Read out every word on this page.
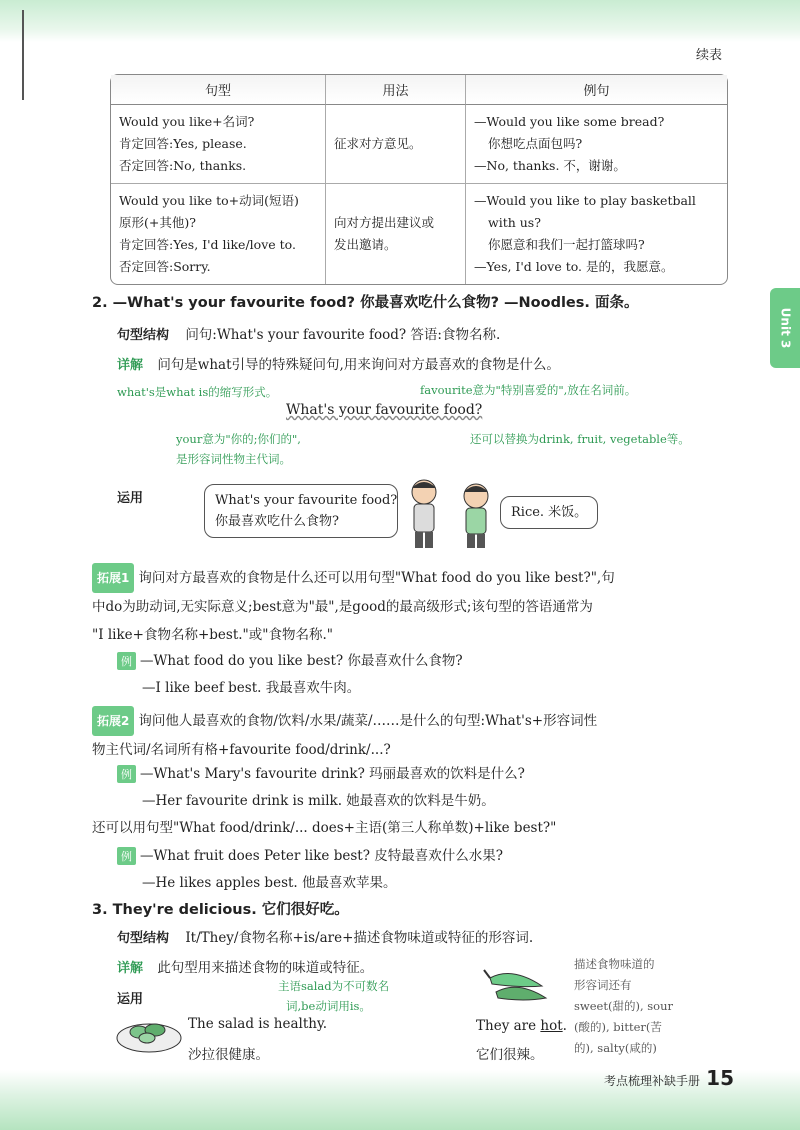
Unit 3
续表
句型	用法	例句

Would you like+名词?
肯定回答:Yes, please.
否定回答:No, thanks.	征求对方意见。	—Would you like some bread?
你想吃点面包吗?
—No, thanks. 不，谢谢。

Would you like to+动词(短语)
原形(+其他)?
肯定回答:Yes, I'd like/love to.
否定回答:Sorry.	向对方提出建议或
发出邀请。	—Would you like to play basketball
with us?
你愿意和我们一起打篮球吗?
—Yes, I'd love to. 是的，我愿意。
2. —What's your favourite food? 你最喜欢吃什么食物? —Noodles. 面条。
句型结构 问句:What's your favourite food? 答语:食物名称.
详解 问句是what引导的特殊疑问句,用来询问对方最喜欢的食物是什么。
what's是what is的缩写形式。	favourite意为"特别喜爱的",放在名词前。
What's your favourite food?
your意为"你的;你们的",
是形容词性物主代词。
还可以替换为drink, fruit, vegetable等。
运用	What's your favourite food?
你最喜欢吃什么食物?
Rice. 米饭。
拓展1 询问对方最喜欢的食物是什么还可以用句型"What food do you like best?",句
中do为助动词,无实际意义;best意为"最",是good的最高级形式;该句型的答语通常为
"I like+食物名称+best."或"食物名称."
例 —What food do you like best? 你最喜欢什么食物?
—I like beef best. 我最喜欢牛肉。
拓展2 询问他人最喜欢的食物/饮料/水果/蔬菜/……是什么的句型:What's+形容词性
物主代词/名词所有格+favourite food/drink/...?
例 —What's Mary's favourite drink? 玛丽最喜欢的饮料是什么?
—Her favourite drink is milk. 她最喜欢的饮料是牛奶。
还可以用句型"What food/drink/... does+主语(第三人称单数)+like best?"
例 —What fruit does Peter like best? 皮特最喜欢什么水果?
—He likes apples best. 他最喜欢苹果。
3. They're delicious. 它们很好吃。
句型结构 It/They/食物名称+is/are+描述食物味道或特征的形容词.
详解 此句型用来描述食物的味道或特征。
运用
主语salad为不可数名
词,be动词用is。
The salad is healthy.
沙拉很健康。
They are hot.
它们很辣。
描述食物味道的
形容词还有
sweet(甜的), sour
(酸的), bitter(苦
的), salty(咸的)
考点梳理补缺手册 15
